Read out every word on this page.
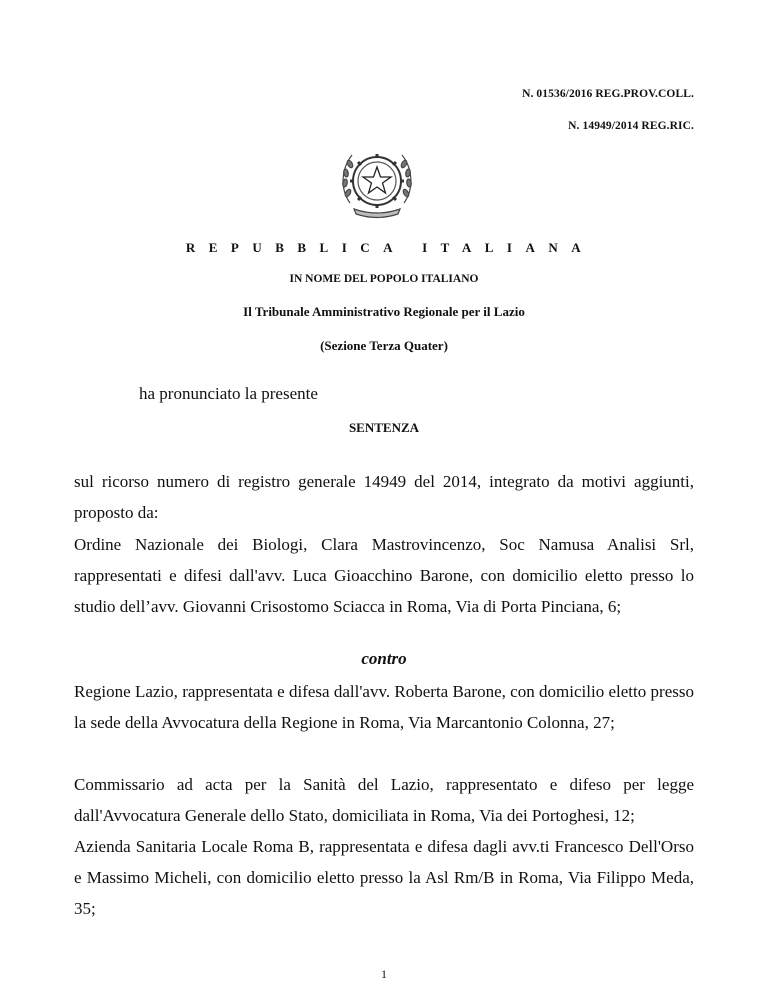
N. 01536/2016 REG.PROV.COLL.
N. 14949/2014 REG.RIC.
REPUBBLICA ITALIANA
IN NOME DEL POPOLO ITALIANO
Il Tribunale Amministrativo Regionale per il Lazio
(Sezione Terza Quater)
ha pronunciato la presente
SENTENZA
sul ricorso numero di registro generale 14949 del 2014, integrato da motivi aggiunti, proposto da:
Ordine Nazionale dei Biologi, Clara Mastrovincenzo, Soc Namusa Analisi Srl, rappresentati e difesi dall'avv. Luca Gioacchino Barone, con domicilio eletto presso lo studio dell’avv. Giovanni Crisostomo Sciacca in Roma, Via di Porta Pinciana, 6;
contro
Regione Lazio, rappresentata e difesa dall'avv. Roberta Barone, con domicilio eletto presso la sede della Avvocatura della Regione in Roma, Via Marcantonio Colonna, 27;
Commissario ad acta per la Sanità del Lazio, rappresentato e difeso per legge dall'Avvocatura Generale dello Stato, domiciliata in Roma, Via dei Portoghesi, 12;
Azienda Sanitaria Locale Roma B, rappresentata e difesa dagli avv.ti Francesco Dell'Orso e Massimo Micheli, con domicilio eletto presso la Asl Rm/B in Roma, Via Filippo Meda, 35;
1
